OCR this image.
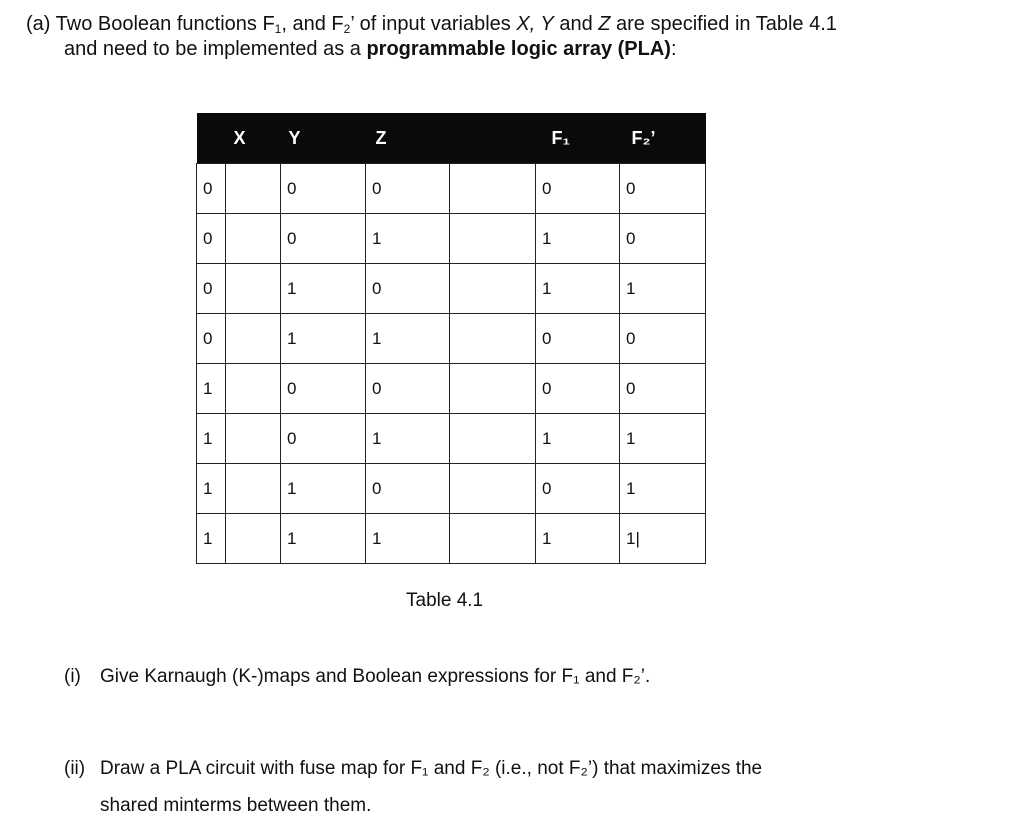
(a) Two Boolean functions $F_1$, and $F_2$’ of input variables X, Y and Z are specified in Table 4.1
and need to be implemented as a programmable logic array (PLA):
	X	Y	Z		F₁	F₂’
0		0	0		0	0
0		0	1		1	0
0		1	0		1	1
0		1	1		0	0
1		0	0		0	0
1		0	1		1	1
1		1	0		0	1
1		1	1		1	1|
Table 4.1
(i) Give Karnaugh (K-)maps and Boolean expressions for F₁ and F₂’.
(ii) Draw a PLA circuit with fuse map for F₁ and F₂ (i.e., not F₂’) that maximizes the
shared minterms between them.
